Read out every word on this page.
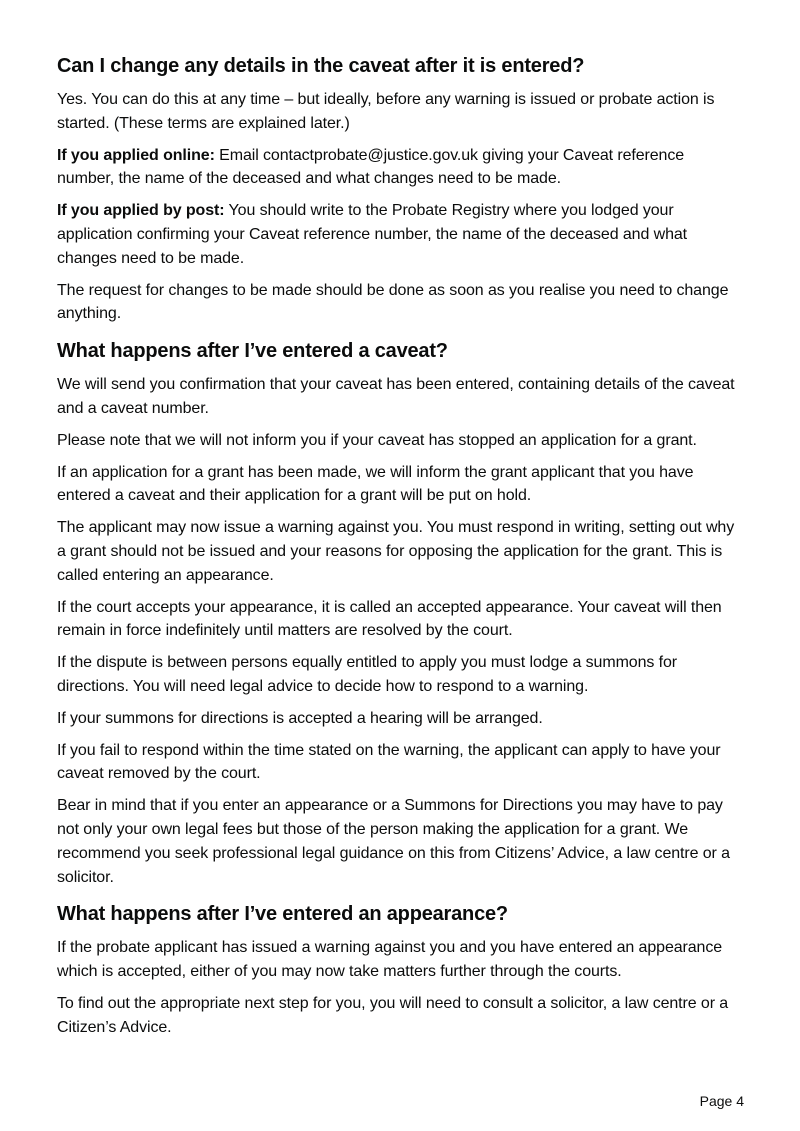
Can I change any details in the caveat after it is entered?

Yes. You can do this at any time – but ideally, before any warning is issued or probate action is started. (These terms are explained later.)

If you applied online: Email contactprobate@justice.gov.uk giving your Caveat reference number, the name of the deceased and what changes need to be made.

If you applied by post: You should write to the Probate Registry where you lodged your application confirming your Caveat reference number, the name of the deceased and what changes need to be made.

The request for changes to be made should be done as soon as you realise you need to change anything.

What happens after I’ve entered a caveat?

We will send you confirmation that your caveat has been entered, containing details of the caveat and a caveat number.

Please note that we will not inform you if your caveat has stopped an application for a grant.

If an application for a grant has been made, we will inform the grant applicant that you have entered a caveat and their application for a grant will be put on hold.

The applicant may now issue a warning against you. You must respond in writing, setting out why a grant should not be issued and your reasons for opposing the application for the grant. This is called entering an appearance.

If the court accepts your appearance, it is called an accepted appearance. Your caveat will then remain in force indefinitely until matters are resolved by the court.

If the dispute is between persons equally entitled to apply you must lodge a summons for directions. You will need legal advice to decide how to respond to a warning.

If your summons for directions is accepted a hearing will be arranged.

If you fail to respond within the time stated on the warning, the applicant can apply to have your caveat removed by the court.

Bear in mind that if you enter an appearance or a Summons for Directions you may have to pay not only your own legal fees but those of the person making the application for a grant. We recommend you seek professional legal guidance on this from Citizens’ Advice, a law centre or a solicitor.

What happens after I’ve entered an appearance?

If the probate applicant has issued a warning against you and you have entered an appearance which is accepted, either of you may now take matters further through the courts.

To find out the appropriate next step for you, you will need to consult a solicitor, a law centre or a Citizen’s Advice.

Page 4
